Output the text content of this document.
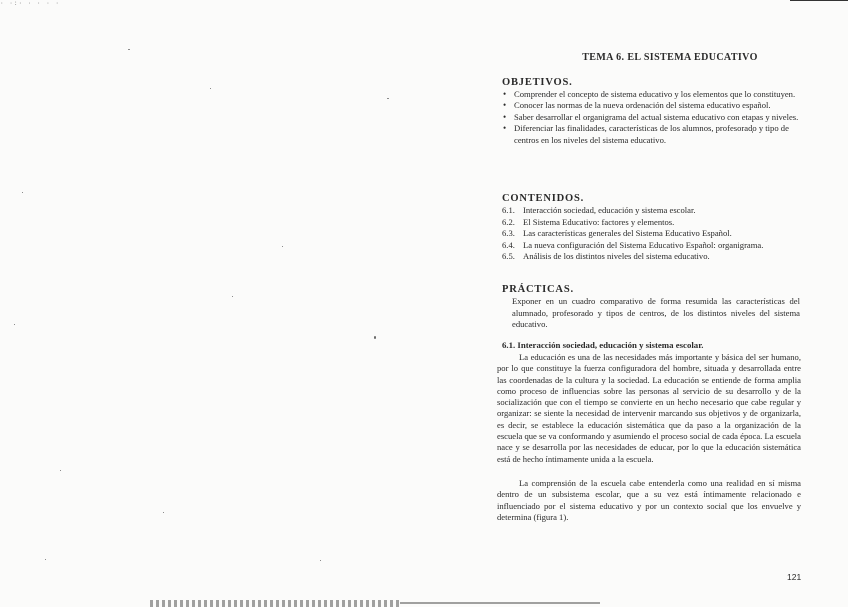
· ·:· · · · ·
TEMA 6. EL SISTEMA EDUCATIVO
OBJETIVOS.
• Comprender el concepto de sistema educativo y los elementos que lo constituyen.
• Conocer las normas de la nueva ordenación del sistema educativo español.
• Saber desarrollar el organigrama del actual sistema educativo con etapas y niveles.
• Diferenciar las finalidades, características de los alumnos, profesorado y tipo de centros en los niveles del sistema educativo.
CONTENIDOS.
6.1. Interacción sociedad, educación y sistema escolar.
6.2. El Sistema Educativo: factores y elementos.
6.3. Las características generales del Sistema Educativo Español.
6.4. La nueva configuración del Sistema Educativo Español: organigrama.
6.5. Análisis de los distintos niveles del sistema educativo.
PRÁCTICAS.

Exponer en un cuadro comparativo de forma resumida las características del alumnado, profesorado y tipos de centros, de los distintos niveles del sistema educativo.

6.1. Interacción sociedad, educación y sistema escolar.

La educación es una de las necesidades más importante y básica del ser humano, por lo que constituye la fuerza configuradora del hombre, situada y desarrollada entre las coordenadas de la cultura y la sociedad. La educación se entiende de forma amplia como proceso de influencias sobre las personas al servicio de su desarrollo y de la socialización que con el tiempo se convierte en un hecho necesario que cabe regular y organizar: se siente la necesidad de intervenir marcando sus objetivos y de organizarla, es decir, se establece la educación sistemática que da paso a la organización de la escuela que se va conformando y asumiendo el proceso social de cada época. La escuela nace y se desarrolla por las necesidades de educar, por lo que la educación sistemática está de hecho íntimamente unida a la escuela.

La comprensión de la escuela cabe entenderla como una realidad en sí misma dentro de un subsistema escolar, que a su vez está íntimamente relacionado e influenciado por el sistema educativo y por un contexto social que los envuelve y determina (figura 1).

121
